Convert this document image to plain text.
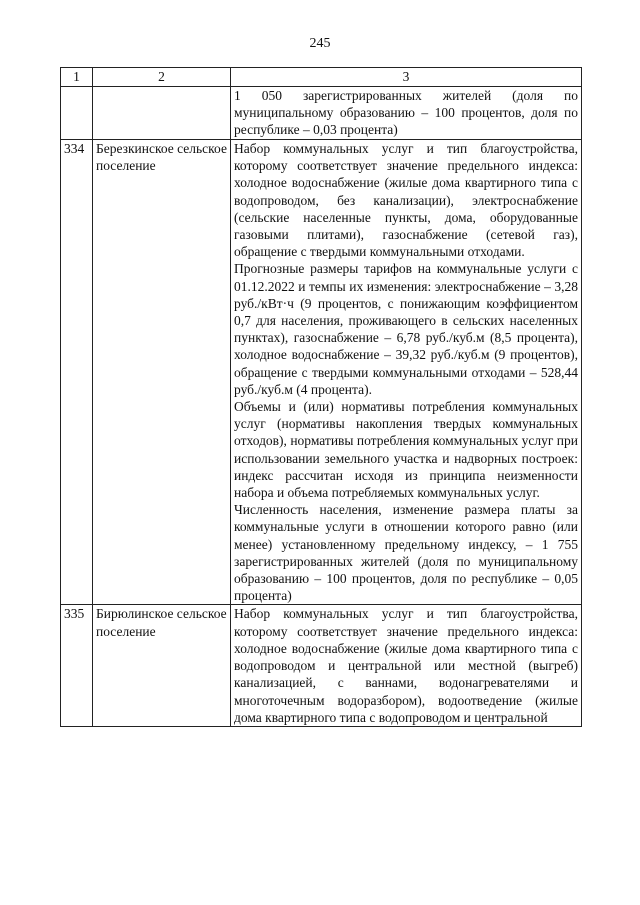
245
1	2	3

		1 050 зарегистрированных жителей (доля по муниципальному образованию – 100 процентов, доля по республике – 0,03 процента)

334	Березкинское сельское поселение	Набор коммунальных услуг и тип благоустройства, которому соответствует значение предельного индекса: холодное водоснабжение (жилые дома квартирного типа с водопроводом, без канализации), электроснабжение (сельские населенные пункты, дома, оборудованные газовыми плитами), газоснабжение (сетевой газ), обращение с твердыми коммунальными отходами.

Прогнозные размеры тарифов на коммунальные услуги с 01.12.2022 и темпы их изменения: электроснабжение – 3,28 руб./кВт·ч (9 процентов, с понижающим коэффициентом 0,7 для населения, проживающего в сельских населенных пунктах), газоснабжение – 6,78 руб./куб.м (8,5 процента), холодное водоснабжение – 39,32 руб./куб.м (9 процентов), обращение с твердыми коммунальными отходами – 528,44 руб./куб.м (4 процента).

Объемы и (или) нормативы потребления коммунальных услуг (нормативы накопления твердых коммунальных отходов), нормативы потребления коммунальных услуг при использовании земельного участка и надворных построек: индекс рассчитан исходя из принципа неизменности набора и объема потребляемых коммунальных услуг.

Численность населения, изменение размера платы за коммунальные услуги в отношении которого равно (или менее) установленному предельному индексу, – 1 755 зарегистрированных жителей (доля по муниципальному образованию – 100 процентов, доля по республике – 0,05 процента)

335	Бирюлинское сельское поселение	Набор коммунальных услуг и тип благоустройства, которому соответствует значение предельного индекса: холодное водоснабжение (жилые дома квартирного типа с водопроводом и центральной или местной (выгреб) канализацией, с ваннами, водонагревателями и многоточечным водоразбором), водоотведение (жилые дома квартирного типа с водопроводом и центральной
